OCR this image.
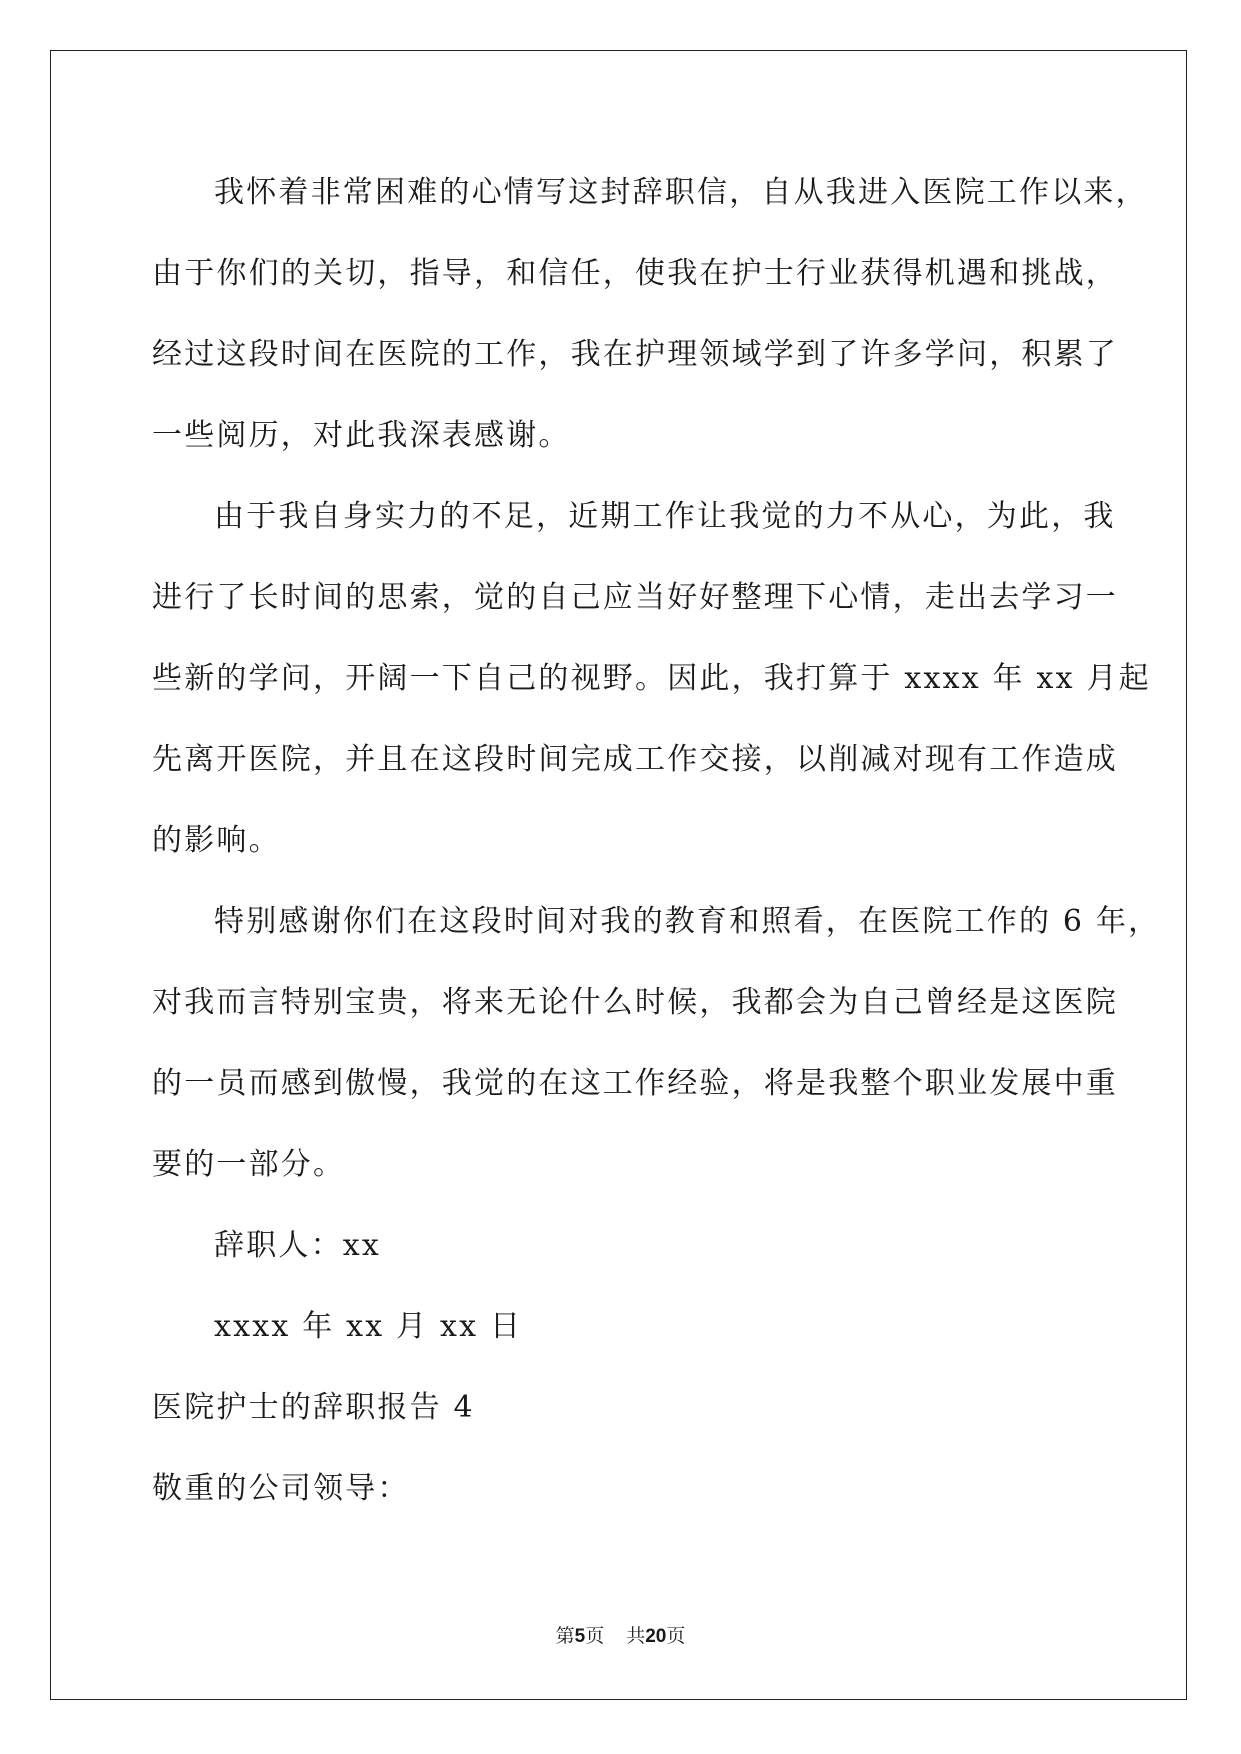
我怀着非常困难的心情写这封辞职信，自从我进入医院工作以来，
由于你们的关切，指导，和信任，使我在护士行业获得机遇和挑战，
经过这段时间在医院的工作，我在护理领域学到了许多学问，积累了
一些阅历，对此我深表感谢。
由于我自身实力的不足，近期工作让我觉的力不从心，为此，我
进行了长时间的思索，觉的自己应当好好整理下心情，走出去学习一
些新的学问，开阔一下自己的视野。因此，我打算于 xxxx 年 xx 月起
先离开医院，并且在这段时间完成工作交接，以削减对现有工作造成
的影响。
特别感谢你们在这段时间对我的教育和照看，在医院工作的 6 年，
对我而言特别宝贵，将来无论什么时候，我都会为自己曾经是这医院
的一员而感到傲慢，我觉的在这工作经验，将是我整个职业发展中重
要的一部分。
辞职人：xx
xxxx 年 xx 月 xx 日
医院护士的辞职报告 4
敬重的公司领导：
第5页 共20页
